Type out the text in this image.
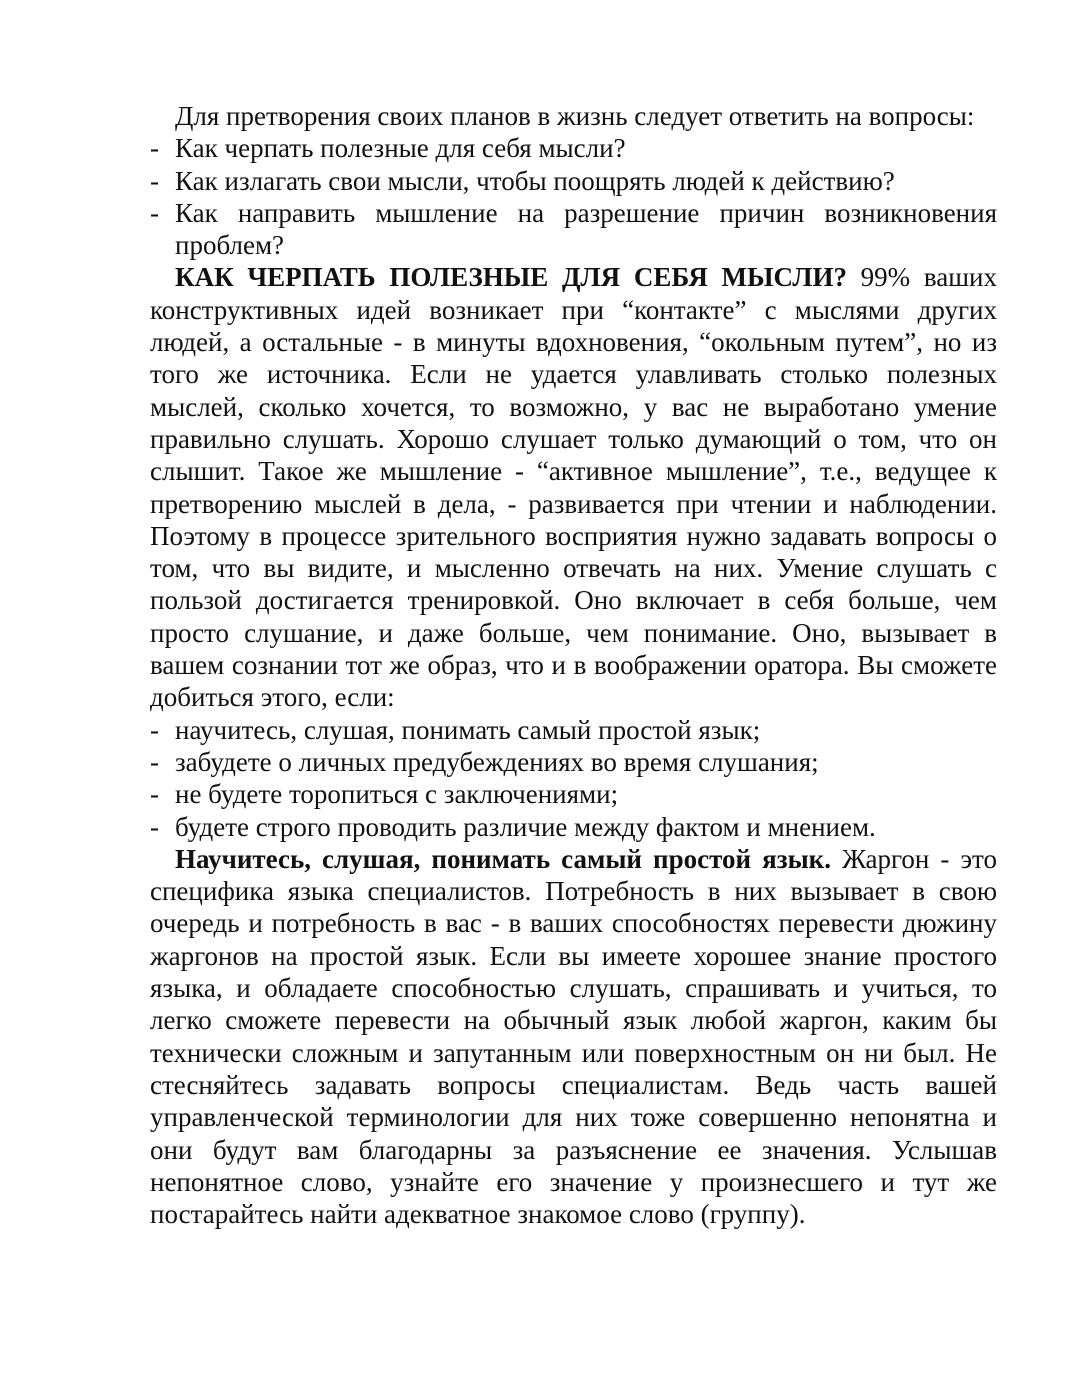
Для претворения своих планов в жизнь следует ответить на вопросы:

- Как черпать полезные для себя мысли?

- Как излагать свои мысли, чтобы поощрять людей к действию?

- Как направить мышление на разрешение причин возникновения проблем?

КАК ЧЕРПАТЬ ПОЛЕЗНЫЕ ДЛЯ СЕБЯ МЫСЛИ? 99% ваших конструктивных идей возникает при “контакте” с мыслями других людей, а остальные - в минуты вдохновения, “окольным путем”, но из того же источника. Если не удается улавливать столько полезных мыслей, сколько хочется, то возможно, у вас не выработано умение правильно слушать. Хорошо слушает только думающий о том, что он слышит. Такое же мышление - “активное мышление”, т.е., ведущее к претворению мыслей в дела, - развивается при чтении и наблюдении. Поэтому в процессе зрительного восприятия нужно задавать вопросы о том, что вы видите, и мысленно отвечать на них. Умение слушать с пользой достигается тренировкой. Оно включает в себя больше, чем просто слушание, и даже больше, чем понимание. Оно, вызывает в вашем сознании тот же образ, что и в воображении оратора. Вы сможете добиться этого, если:

- научитесь, слушая, понимать самый простой язык;

- забудете о личных предубеждениях во время слушания;

- не будете торопиться с заключениями;

- будете строго проводить различие между фактом и мнением.

Научитесь, слушая, понимать самый простой язык. Жаргон - это специфика языка специалистов. Потребность в них вызывает в свою очередь и потребность в вас - в ваших способностях перевести дюжину жаргонов на простой язык. Если вы имеете хорошее знание простого языка, и обладаете способностью слушать, спрашивать и учиться, то легко сможете перевести на обычный язык любой жаргон, каким бы технически сложным и запутанным или поверхностным он ни был. Не стесняйтесь задавать вопросы специалистам. Ведь часть вашей управленческой терминологии для них тоже совершенно непонятна и они будут вам благодарны за разъяснение ее значения. Услышав непонятное слово, узнайте его значение у произнесшего и тут же постарайтесь найти адекватное знакомое слово (группу).
